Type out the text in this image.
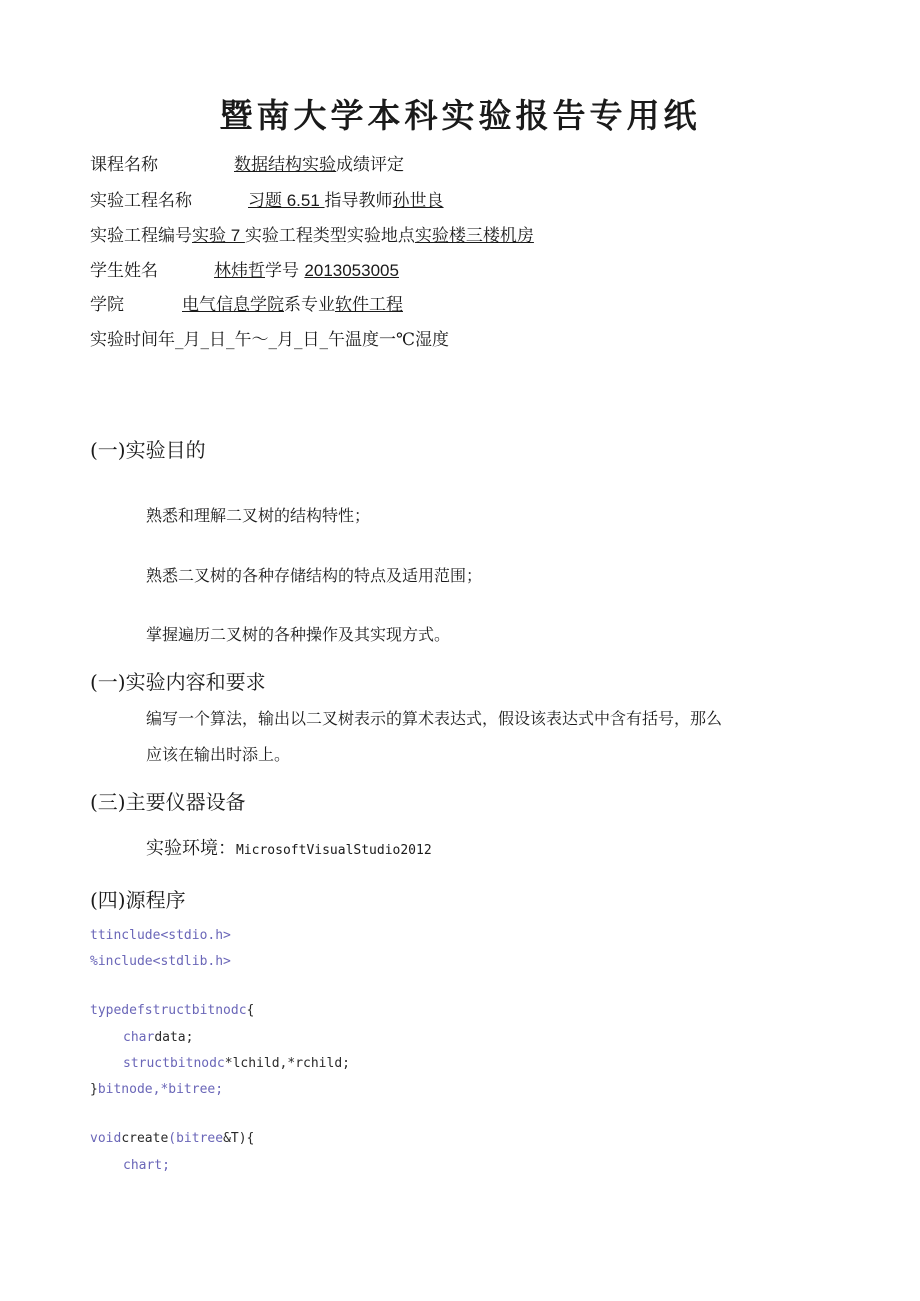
暨南大学本科实验报告专用纸
课程名称	数据结构实验成绩评定
实验工程名称	习题 6.51 指导教师孙世良
实验工程编号实验 7 实验工程类型实验地点实验楼三楼机房
学生姓名	林炜哲学号 2013053005
学院	电气信息学院系专业软件工程
实验时间年_月_日_午～_月_日_午温度一℃湿度
(一)实验目的
熟悉和理解二叉树的结构特性；
熟悉二叉树的各种存储结构的特点及适用范围；
掌握遍历二叉树的各种操作及其实现方式。
(一)实验内容和要求
编写一个算法，输出以二叉树表示的算术表达式，假设该表达式中含有括号，那么
应该在输出时添上。
(三)主要仪器设备
实验环境：MicrosoftVisualStudio2012
(四)源程序
ttinclude<stdio.h>
%include<stdlib.h>
typedefstructbitnodc{
chardata;
structbitnodc*lchild,*rchild;
}bitnode,*bitree;
voidcreate(bitree&T){
chart;
